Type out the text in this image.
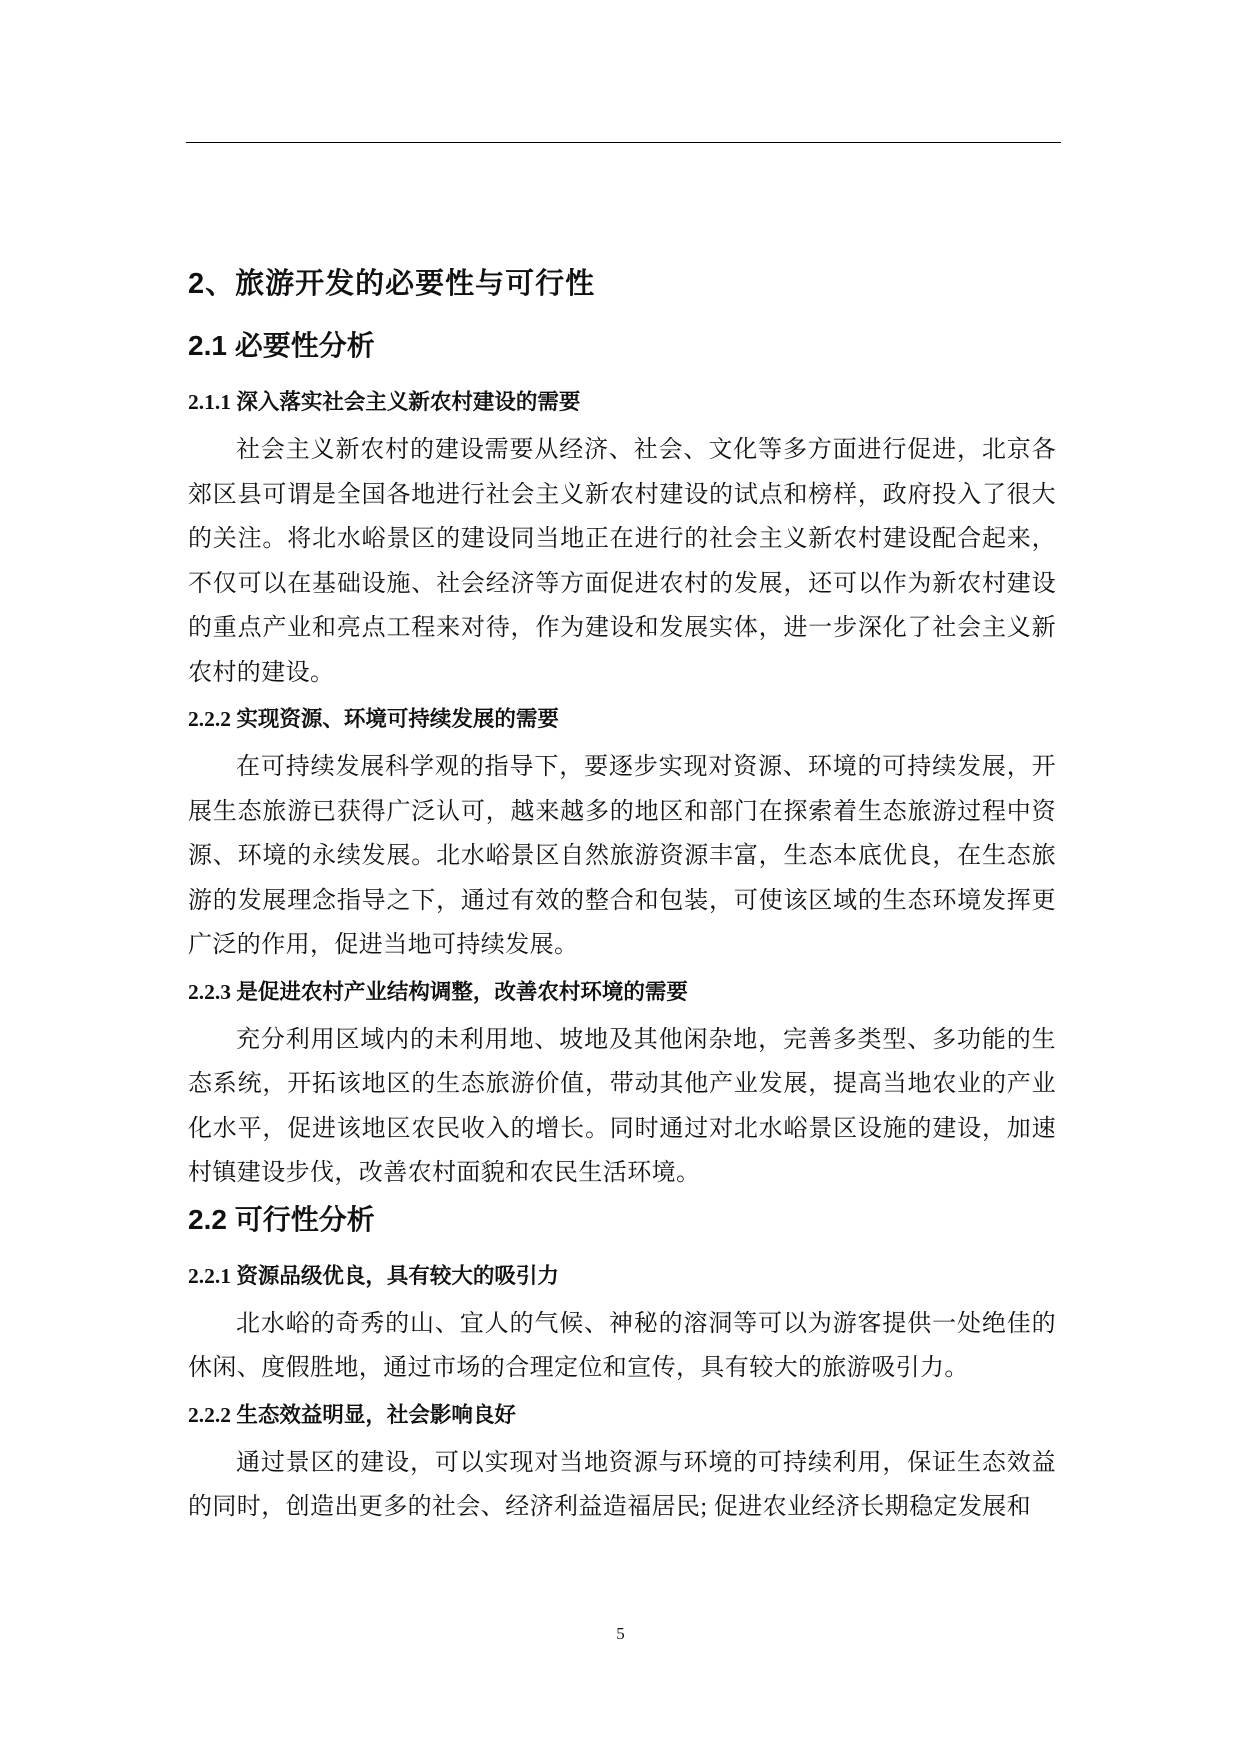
2、旅游开发的必要性与可行性
2.1 必要性分析
2.1.1 深入落实社会主义新农村建设的需要

社会主义新农村的建设需要从经济、社会、文化等多方面进行促进，北京各郊区县可谓是全国各地进行社会主义新农村建设的试点和榜样，政府投入了很大的关注。将北水峪景区的建设同当地正在进行的社会主义新农村建设配合起来，不仅可以在基础设施、社会经济等方面促进农村的发展，还可以作为新农村建设的重点产业和亮点工程来对待，作为建设和发展实体，进一步深化了社会主义新农村的建设。

2.2.2 实现资源、环境可持续发展的需要

在可持续发展科学观的指导下，要逐步实现对资源、环境的可持续发展，开展生态旅游已获得广泛认可，越来越多的地区和部门在探索着生态旅游过程中资源、环境的永续发展。北水峪景区自然旅游资源丰富，生态本底优良，在生态旅游的发展理念指导之下，通过有效的整合和包装，可使该区域的生态环境发挥更广泛的作用，促进当地可持续发展。

2.2.3 是促进农村产业结构调整，改善农村环境的需要

充分利用区域内的未利用地、坡地及其他闲杂地，完善多类型、多功能的生态系统，开拓该地区的生态旅游价值，带动其他产业发展，提高当地农业的产业化水平，促进该地区农民收入的增长。同时通过对北水峪景区设施的建设，加速村镇建设步伐，改善农村面貌和农民生活环境。

2.2 可行性分析
2.2.1 资源品级优良，具有较大的吸引力

北水峪的奇秀的山、宜人的气候、神秘的溶洞等可以为游客提供一处绝佳的休闲、度假胜地，通过市场的合理定位和宣传，具有较大的旅游吸引力。

2.2.2 生态效益明显，社会影响良好

通过景区的建设，可以实现对当地资源与环境的可持续利用，保证生态效益的同时，创造出更多的社会、经济利益造福居民; 促进农业经济长期稳定发展和

5
